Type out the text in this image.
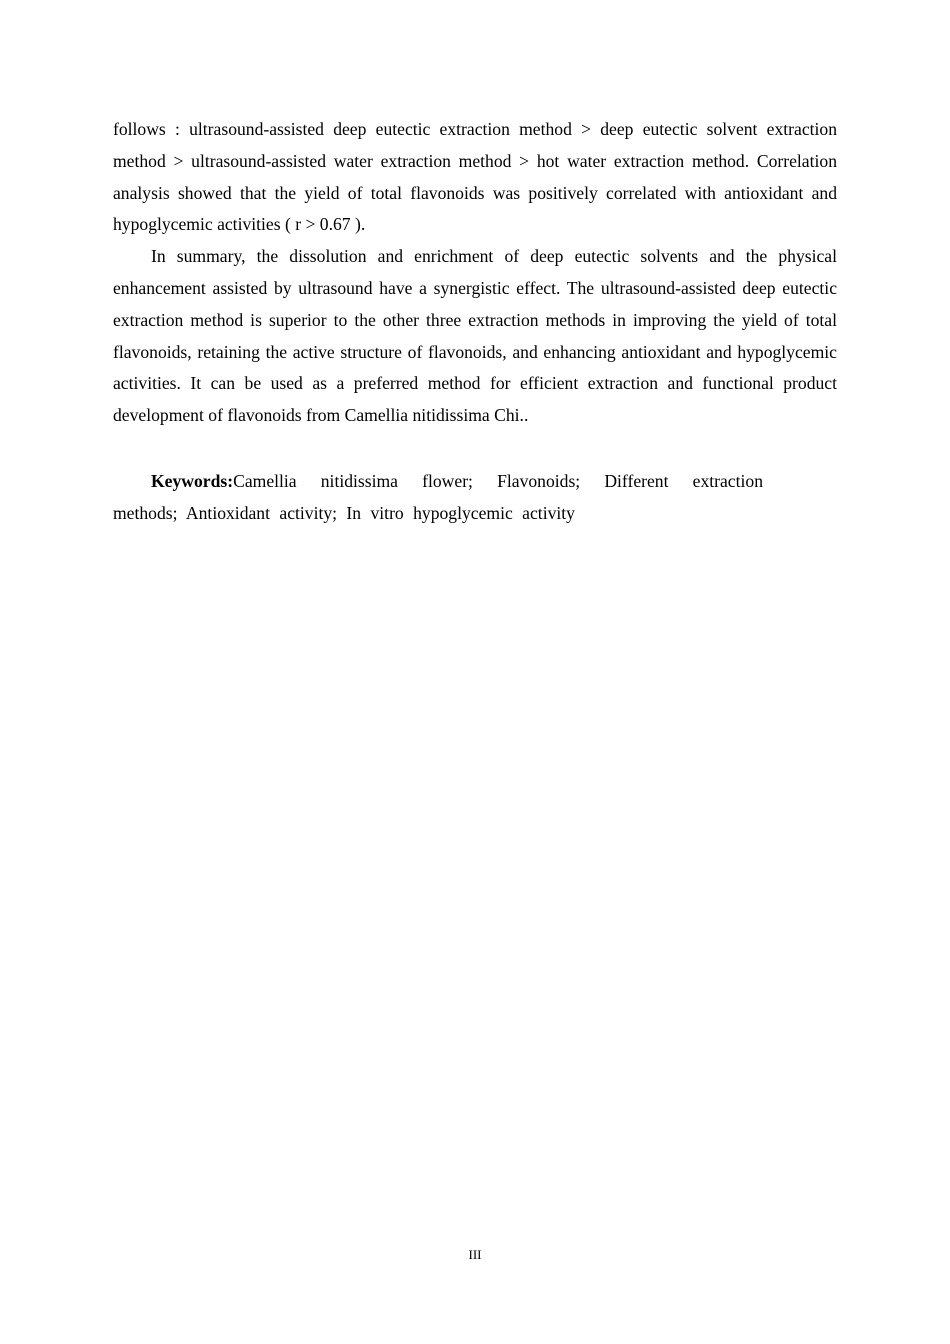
follows : ultrasound-assisted deep eutectic extraction method > deep eutectic solvent extraction method > ultrasound-assisted water extraction method > hot water extraction method. Correlation analysis showed that the yield of total flavonoids was positively correlated with antioxidant and hypoglycemic activities ( r > 0.67 ).

In summary, the dissolution and enrichment of deep eutectic solvents and the physical enhancement assisted by ultrasound have a synergistic effect. The ultrasound-assisted deep eutectic extraction method is superior to the other three extraction methods in improving the yield of total flavonoids, retaining the active structure of flavonoids, and enhancing antioxidant and hypoglycemic activities. It can be used as a preferred method for efficient extraction and functional product development of flavonoids from Camellia nitidissima Chi..

Keywords:Camellia nitidissima flower; Flavonoids; Different extraction methods; Antioxidant activity; In vitro hypoglycemic activity

III
